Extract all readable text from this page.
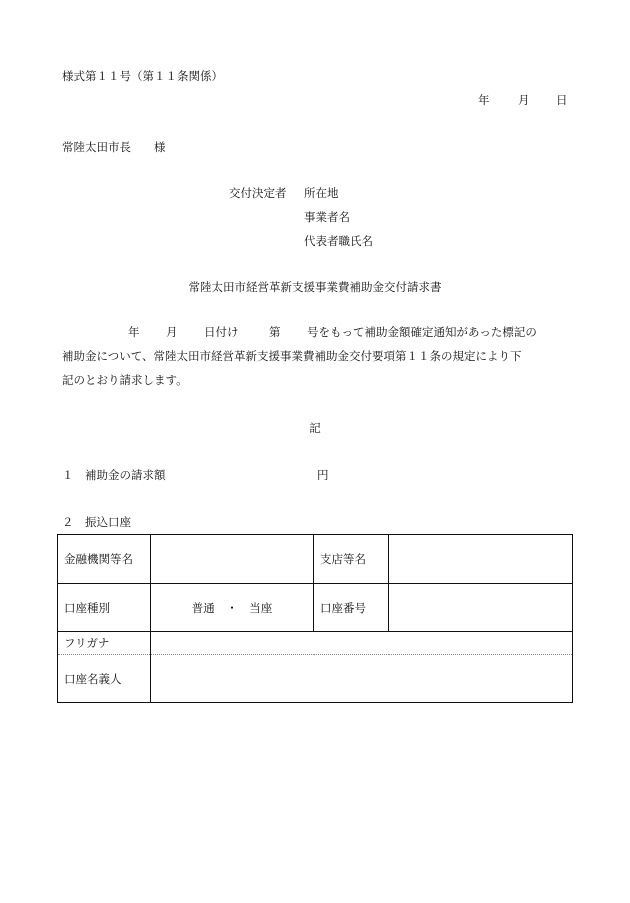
様式第１１号（第１１条関係）
年 月 日
常陸太田市長　　様
交付決定者 所在地
事業者名
代表者職氏名
常陸太田市経営革新支援事業費補助金交付請求書
年 月 日付け	第 号をもって補助金額確定通知があった標記の
補助金について、常陸太田市経営革新支援事業費補助金交付要項第１１条の規定により下
記のとおり請求します。
記
１　補助金の請求額	円
２　振込口座
金融機関等名		支店等名	
口座種別	普通　・　当座	口座番号	
フリガナ			
口座名義人			
